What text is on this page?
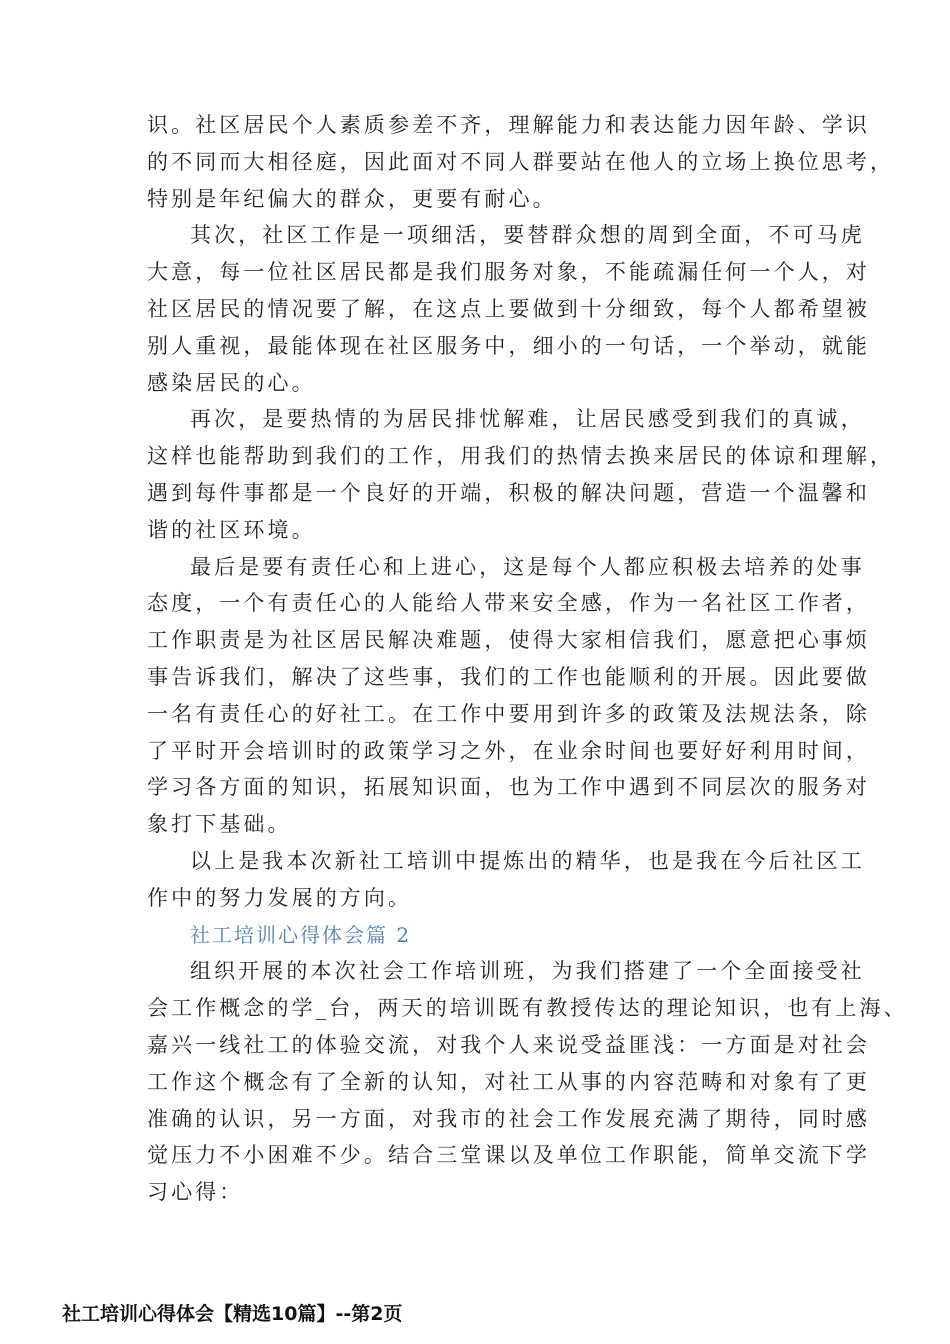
识。社区居民个人素质参差不齐，理解能力和表达能力因年龄、学识
的不同而大相径庭，因此面对不同人群要站在他人的立场上换位思考，
特别是年纪偏大的群众，更要有耐心。
其次，社区工作是一项细活，要替群众想的周到全面，不可马虎
大意，每一位社区居民都是我们服务对象，不能疏漏任何一个人，对
社区居民的情况要了解，在这点上要做到十分细致，每个人都希望被
别人重视，最能体现在社区服务中，细小的一句话，一个举动，就能
感染居民的心。
再次，是要热情的为居民排忧解难，让居民感受到我们的真诚，
这样也能帮助到我们的工作，用我们的热情去换来居民的体谅和理解，
遇到每件事都是一个良好的开端，积极的解决问题，营造一个温馨和
谐的社区环境。
最后是要有责任心和上进心，这是每个人都应积极去培养的处事
态度，一个有责任心的人能给人带来安全感，作为一名社区工作者，
工作职责是为社区居民解决难题，使得大家相信我们，愿意把心事烦
事告诉我们，解决了这些事，我们的工作也能顺利的开展。因此要做
一名有责任心的好社工。在工作中要用到许多的政策及法规法条，除
了平时开会培训时的政策学习之外，在业余时间也要好好利用时间，
学习各方面的知识，拓展知识面，也为工作中遇到不同层次的服务对
象打下基础。
以上是我本次新社工培训中提炼出的精华，也是我在今后社区工
作中的努力发展的方向。
社工培训心得体会篇 2
组织开展的本次社会工作培训班，为我们搭建了一个全面接受社
会工作概念的学_台，两天的培训既有教授传达的理论知识，也有上海、
嘉兴一线社工的体验交流，对我个人来说受益匪浅：一方面是对社会
工作这个概念有了全新的认知，对社工从事的内容范畴和对象有了更
准确的认识，另一方面，对我市的社会工作发展充满了期待，同时感
觉压力不小困难不少。结合三堂课以及单位工作职能，简单交流下学
习心得：
社工培训心得体会【精选10篇】--第2页
